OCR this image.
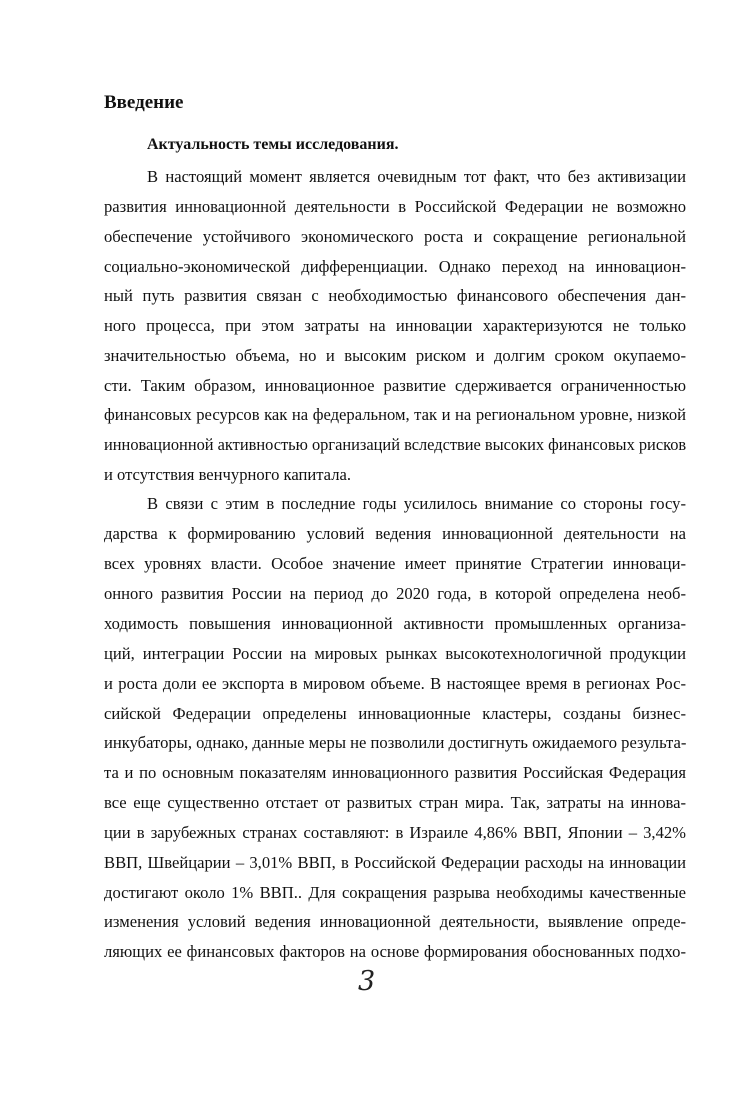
Введение
Актуальность темы исследования.

В настоящий момент является очевидным тот факт, что без активизации

развития инновационной деятельности в Российской Федерации не возможно

обеспечение устойчивого экономического роста и сокращение региональной

социально-экономической дифференциации. Однако переход на инновацион-

ный путь развития связан с необходимостью финансового обеспечения дан-

ного процесса, при этом затраты на инновации характеризуются не только

значительностью объема, но и высоким риском и долгим сроком окупаемо-

сти. Таким образом, инновационное развитие сдерживается ограниченностью

финансовых ресурсов как на федеральном, так и на региональном уровне, низкой

инновационной активностью организаций вследствие высоких финансовых рисков

и отсутствия венчурного капитала.

В связи с этим в последние годы усилилось внимание со стороны госу-

дарства к формированию условий ведения инновационной деятельности на

всех уровнях власти. Особое значение имеет принятие Стратегии инноваци-

онного развития России на период до 2020 года, в которой определена необ-

ходимость повышения инновационной активности промышленных организа-

ций, интеграции России на мировых рынках высокотехнологичной продукции

и роста доли ее экспорта в мировом объеме. В настоящее время в регионах Рос-

сийской Федерации определены инновационные кластеры, созданы бизнес-

инкубаторы, однако, данные меры не позволили достигнуть ожидаемого результа-

та и по основным показателям инновационного развития Российская Федерация

все еще существенно отстает от развитых стран мира. Так, затраты на иннова-

ции в зарубежных странах составляют: в Израиле 4,86% ВВП, Японии – 3,42%

ВВП, Швейцарии – 3,01% ВВП, в Российской Федерации расходы на инновации

достигают около 1% ВВП.. Для сокращения разрыва необходимы качественные

изменения условий ведения инновационной деятельности, выявление опреде-

ляющих ее финансовых факторов на основе формирования обоснованных подхо-

3
